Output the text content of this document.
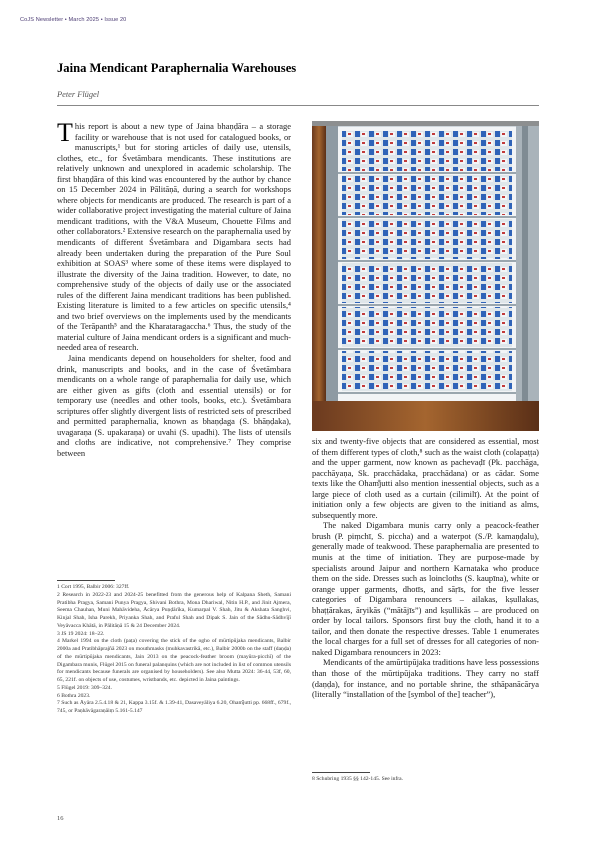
CoJS Newsletter • March 2025 • Issue 20
Jaina Mendicant Paraphernalia Warehouses
Peter Flügel

This report is about a new type of Jaina bhaṇḍāra – a storage facility or warehouse that is not used for catalogued books, or manuscripts,¹ but for storing articles of daily use, utensils, clothes, etc., for Śvetāmbara mendicants. These institutions are relatively unknown and unexplored in academic scholarship. The first bhaṇḍāra of this kind was encountered by the author by chance on 15 December 2024 in Pālitāṇā, during a search for workshops where objects for mendicants are produced. The research is part of a wider collaborative project investigating the material culture of Jaina mendicant traditions, with the V&A Museum, Chouette Films and other collaborators.² Extensive research on the paraphernalia used by mendicants of different Śvetāmbara and Digambara sects had already been undertaken during the preparation of the Pure Soul exhibition at SOAS³ where some of these items were displayed to illustrate the diversity of the Jaina tradition. However, to date, no comprehensive study of the objects of daily use or the associated rules of the different Jaina mendicant traditions has been published. Existing literature is limited to a few articles on specific utensils,⁴ and two brief overviews on the implements used by the mendicants of the Terāpanth⁵ and the Kharataragaccha.⁶ Thus, the study of the material culture of Jaina mendicant orders is a significant and much-needed area of research.

Jaina mendicants depend on householders for shelter, food and drink, manuscripts and books, and in the case of Śvetāmbara mendicants on a whole range of paraphernalia for daily use, which are either given as gifts (cloth and essential utensils) or for temporary use (needles and other tools, books, etc.). Śvetāmbara scriptures offer slightly divergent lists of restricted sets of prescribed and permitted paraphernalia, known as bhaṇḍaga (S. bhāṇḍaka), uvagaraṇa (S. upakaraṇa) or uvahi (S. upadhi). The lists of utensils and cloths are indicative, not comprehensive.⁷ They comprise between

1 Cort 1995, Balbir 2006: 327ff.

2 Research in 2022-23 and 2024-25 benefitted from the generous help of Kalpana Sheth, Samani Pratibha Pragya, Samani Punya Pragya, Shivani Bothra, Mona Dhariwal, Nitin H.P., and Jinit Ajmera, Seema Chauhan, Muni Mahāvideha, Ācārya Puṇḍārīka, Kumarpal V. Shah, Jitu & Akshata Sanghvi, Kinjal Shah, Isha Parekh, Priyanka Shah, and Praful Shah and Dipak S. Jain of the Sādhu-Sādhvījī Veyāvacca Khātā, in Pālitāṇā 15 & 24 December 2024.

3 JS 19 2024: 18–22.

4 Markel 1994 on the cloth (paṭa) covering the stick of the ogho of mūrtipūjaka mendicants, Balbir 2000a and Pratibhāprajñā 2023 on mouthmasks (muhkavastrikā, etc.), Balbir 2000b on the staff (daṇḍa) of the mūrtipūjaka mendicants, Jain 2013 on the peacock-feather broom (mayūra-picchī) of the Digambara munis, Flügel 2015 on funeral palanquins (which are not included in list of common utensils for mendicants because funerals are organised by householders). See also Mutta 2024: 36-44, 53f, 60, 65, 221f. on objects of use, costumes, wristbands, etc. depicted in Jaina paintings.

5 Flügel 2019: 309–324.

6 Bothra 2023.

7 Such as Āyāra 2.5.4.18 & 21, Kappa 3.15f. & 1.39-41, Dasaveyāliya 6.20, Oham̐jutti pp. 668ff., 679f., 745, or Paṇhāvāgaraṇāiṃ 5.161-5.147

six and twenty-five objects that are considered as essential, most of them different types of cloth,⁸ such as the waist cloth (colapaṭṭa) and the upper garment, now known as pachevaḍī (Pk. pacchāga, pacchāyaṇa, Sk. pracchādaka, pracchādana) or as cādar. Some texts like the Oham̐jutti also mention inessential objects, such as a large piece of cloth used as a curtain (cilimilī). At the point of initiation only a few objects are given to the initiand as alms, subsequently more.

The naked Digambara munis carry only a peacock-feather brush (P. piṃchī, S. piccha) and a waterpot (S./P. kamaṇḍalu), generally made of teakwood. These paraphernalia are presented to munis at the time of initiation. They are purpose-made by specialists around Jaipur and northern Karnataka who produce them on the side. Dresses such as loincloths (S. kaupīna), white or orange upper garments, dhotīs, and sāṛīs, for the five lesser categories of Digambara renouncers – ailakas, kṣullakas, bhaṭṭārakas, āryikās (“mātājīs”) and kṣullikās – are produced on order by local tailors. Sponsors first buy the cloth, hand it to a tailor, and then donate the respective dresses. Table 1 enumerates the local charges for a full set of dresses for all categories of non-naked Digambara renouncers in 2023:

Mendicants of the amūrtipūjaka traditions have less possessions than those of the mūrtipūjaka traditions. They carry no staff (daṇḍa), for instance, and no portable shrine, the sthāpanācārya (literally “installation of the [symbol of the] teacher”),

8 Schubring 1935 §§ 142-145. See infra.

16
